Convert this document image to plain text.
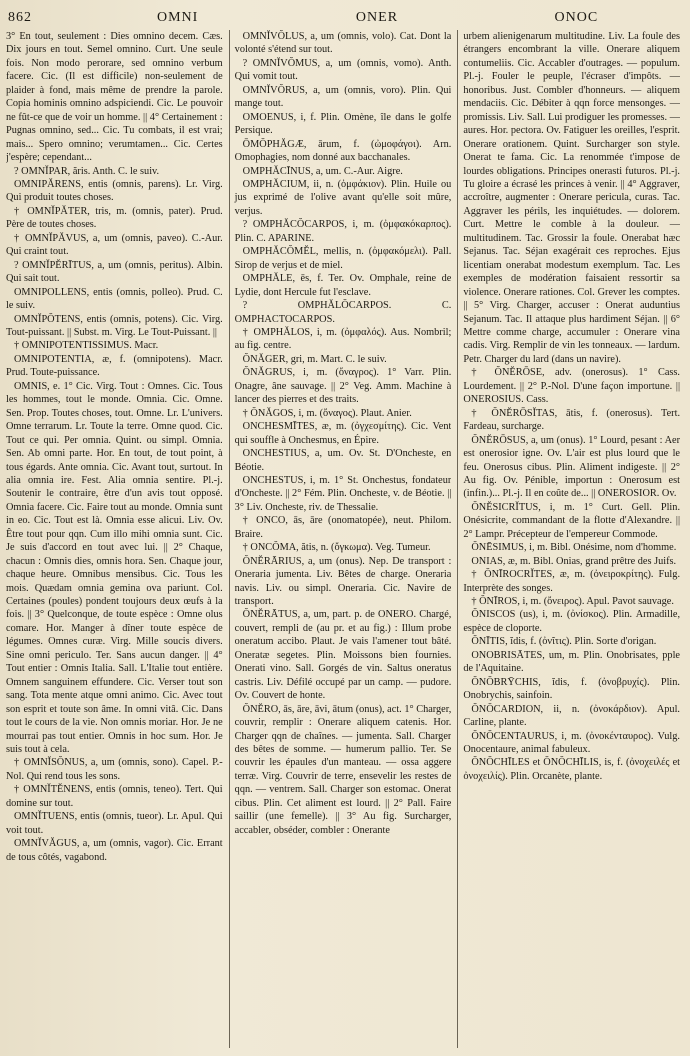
862	OMNI	ONER	ONOC

3° En tout, seulement : Dies omnino decem. Cæs. Dix jours en tout. Semel omnino. Curt. Une seule fois. Non modo perorare, sed omnino verbum facere. Cic. (Il est difficile) non-seulement de plaider à fond, mais même de prendre la parole. Copia hominis omnino adspiciendi. Cic. Le pouvoir ne fût-ce que de voir un homme. || 4° Certainement : Pugnas omnino, sed... Cic. Tu combats, il est vrai; mais... Spero omnino; verumtamen... Cic. Certes j'espère; cependant...

? OMNĬPAR, ăris. Anth. C. le suiv.

OMNIPĂRENS, entis (omnis, parens). Lr. Virg. Qui produit toutes choses.

† OMNĬPĂTER, tris, m. (omnis, pater). Prud. Père de toutes choses.

† OMNĬPĂVUS, a, um (omnis, paveo). C.-Aur. Qui craint tout.

? OMNĬPĔRĪTUS, a, um (omnis, peritus). Albin. Qui sait tout.

OMNIPOLLENS, entis (omnis, polleo). Prud. C. le suiv.

OMNĬPŎTENS, entis (omnis, potens). Cic. Virg. Tout-puissant. || Subst. m. Virg. Le Tout-Puissant. ||

† OMNIPOTENTISSIMUS. Macr.

OMNIPOTENTIA, æ, f. (omnipotens). Macr. Prud. Toute-puissance.

OMNIS, e. 1° Cic. Virg. Tout : Omnes. Cic. Tous les hommes, tout le monde. Omnia. Cic. Omne. Sen. Prop. Toutes choses, tout. Omne. Lr. L'univers. Omne terrarum. Lr. Toute la terre. Omne quod. Cic. Tout ce qui. Per omnia. Quint. ou simpl. Omnia. Sen. Ab omni parte. Hor. En tout, de tout point, à tous égards. Ante omnia. Cic. Avant tout, surtout. In alia omnia ire. Fest. Alia omnia sentire. Pl.-j. Soutenir le contraire, être d'un avis tout opposé. Omnia facere. Cic. Faire tout au monde. Omnia sunt in eo. Cic. Tout est là. Omnia esse alicui. Liv. Ov. Être tout pour qqn. Cum illo mihi omnia sunt. Cic. Je suis d'accord en tout avec lui. || 2° Chaque, chacun : Omnis dies, omnis hora. Sen. Chaque jour, chaque heure. Omnibus mensibus. Cic. Tous les mois. Quædam omnia gemina ova pariunt. Col. Certaines (poules) pondent toujours deux œufs à la fois. || 3° Quelconque, de toute espèce : Omne olus comare. Hor. Manger à dîner toute espèce de légumes. Omnes curæ. Virg. Mille soucis divers. Sine omni periculo. Ter. Sans aucun danger. || 4° Tout entier : Omnis Italia. Sall. L'Italie tout entière. Omnem sanguinem effundere. Cic. Verser tout son sang. Tota mente atque omni animo. Cic. Avec tout son esprit et toute son âme. In omni vitâ. Cic. Dans tout le cours de la vie. Non omnis moriar. Hor. Je ne mourrai pas tout entier. Omnis in hoc sum. Hor. Je suis tout à cela.

† OMNĬSŎNUS, a, um (omnis, sono). Capel. P.-Nol. Qui rend tous les sons.

† OMNĬTĔNENS, entis (omnis, teneo). Tert. Qui domine sur tout.

OMNĬTUENS, entis (omnis, tueor). Lr. Apul. Qui voit tout.

OMNĬVĂGUS, a, um (omnis, vagor). Cic. Errant de tous côtés, vagabond.

OMNĬVŎLUS, a, um (omnis, volo). Cat. Dont la volonté s'étend sur tout.

? OMNĬVŎMUS, a, um (omnis, vomo). Anth. Qui vomit tout.

OMNĬVŎRUS, a, um (omnis, voro). Plin. Qui mange tout.

OMOENUS, i, f. Plin. Omène, île dans le golfe Persique.

ŌMŎPHĂGÆ, ārum, f. (ὠμοφάγοι). Arn. Omophagies, nom donné aux bacchanales.

OMPHĂCĪNUS, a, um. C.-Aur. Aigre.

OMPHĂCIUM, ii, n. (ὀμφάκιον). Plin. Huile ou jus exprimé de l'olive avant qu'elle soit mûre, verjus.

? OMPHĂCŎCARPOS, i, m. (ὀμφακόκαρπος). Plin. C. APARINE.

OMPHĂCŎMĔL, mellis, n. (ὀμφακόμελι). Pall. Sirop de verjus et de miel.

OMPHĂLE, ēs, f. Ter. Ov. Omphale, reine de Lydie, dont Hercule fut l'esclave.

? OMPHĂLŎCARPOS. C. OMPHACTOCARPOS.

† OMPHĂLOS, i, m. (ὀμφαλός). Aus. Nombril; au fig. centre.

ŎNĂGER, gri, m. Mart. C. le suiv.

ŎNĂGRUS, i, m. (ὄναγρος). 1° Varr. Plin. Onagre, âne sauvage. || 2° Veg. Amm. Machine à lancer des pierres et des traits.

† ŎNĂGOS, i, m. (ὄναγος). Plaut. Anier.

ONCHESMĪTES, æ, m. (ὀγχεσμίτης). Cic. Vent qui souffle à Onchesmus, en Épire.

ONCHESTIUS, a, um. Ov. St. D'Oncheste, en Béotie.

ONCHESTUS, i, m. 1° St. Onchestus, fondateur d'Oncheste. || 2° Fém. Plin. Oncheste, v. de Béotie. || 3° Liv. Oncheste, riv. de Thessalie.

† ONCO, ās, āre (onomatopée), neut. Philom. Braire.

† ONCŎMA, ătis, n. (ὄγκωμα). Veg. Tumeur.

ŎNĔRĀRIUS, a, um (onus). Nep. De transport : Oneraria jumenta. Liv. Bêtes de charge. Oneraria navis. Liv. ou simpl. Oneraria. Cic. Navire de transport.

ŎNĔRĀTUS, a, um, part. p. de ONERO. Chargé, couvert, rempli de (au pr. et au fig.) : Illum probe oneratum accibo. Plaut. Je vais l'amener tout bâté. Oneratæ segetes. Plin. Moissons bien fournies. Onerati vino. Sall. Gorgés de vin. Saltus oneratus castris. Liv. Défilé occupé par un camp. — pudore. Ov. Couvert de honte.

ŎNĔRO, ās, āre, āvi, ātum (onus), act. 1° Charger, couvrir, remplir : Onerare aliquem catenis. Hor. Charger qqn de chaînes. — jumenta. Sall. Charger des bêtes de somme. — humerum pallio. Ter. Se couvrir les épaules d'un manteau. — ossa aggere terræ. Virg. Couvrir de terre, ensevelir les restes de qqn. — ventrem. Sall. Charger son estomac. Onerat cibus. Plin. Cet aliment est lourd. || 2° Pall. Faire saillir (une femelle). || 3° Au fig. Surcharger, accabler, obséder, combler : Onerante

urbem alienigenarum multitudine. Liv. La foule des étrangers encombrant la ville. Onerare aliquem contumeliis. Cic. Accabler d'outrages. — populum. Pl.-j. Fouler le peuple, l'écraser d'impôts. — honoribus. Just. Combler d'honneurs. — aliquem mendaciis. Cic. Débiter à qqn force mensonges. — promissis. Liv. Sall. Lui prodiguer les promesses. — aures. Hor. pectora. Ov. Fatiguer les oreilles, l'esprit. Onerare orationem. Quint. Surcharger son style. Onerat te fama. Cic. La renommée t'impose de lourdes obligations. Principes onerasti futuros. Pl.-j. Tu gloire a écrasé les princes à venir. || 4° Aggraver, accroître, augmenter : Onerare pericula, curas. Tac. Aggraver les périls, les inquiétudes. — dolorem. Curt. Mettre le comble à la douleur. — multitudinem. Tac. Grossir la foule. Onerabat hæc Sejanus. Tac. Séjan exagérait ces reproches. Ejus licentiam onerabat modestum exemplum. Tac. Les exemples de modération faisaient ressortir sa violence. Onerare rationes. Col. Grever les comptes. || 5° Virg. Charger, accuser : Onerat auduntius Sejanum. Tac. Il attaque plus hardiment Séjan. || 6° Mettre comme charge, accumuler : Onerare vina cadis. Virg. Remplir de vin les tonneaux. — lardum. Petr. Charger du lard (dans un navire).

† ŎNĔRŌSE, adv. (onerosus). 1° Cass. Lourdement. || 2° P.-Nol. D'une façon importune. || ONEROSIUS. Cass.

† ŎNĔRŌSĬTAS, ātis, f. (onerosus). Tert. Fardeau, surcharge.

ŎNĔRŌSUS, a, um (onus). 1° Lourd, pesant : Aer est onerosior igne. Ov. L'air est plus lourd que le feu. Onerosus cibus. Plin. Aliment indigeste. || 2° Au fig. Ov. Pénible, importun : Onerosum est (infin.)... Pl.-j. Il en coûte de... || ONEROSIOR. Ov.

ŎNĔSICRĬTUS, i, m. 1° Curt. Gell. Plin. Onésicrite, commandant de la flotte d'Alexandre. || 2° Lampr. Précepteur de l'empereur Commode.

ŎNĒSIMUS, i, m. Bibl. Onésime, nom d'homme.

ONIAS, æ, m. Bibl. Onias, grand prêtre des Juifs.

† ŎNĪROCRĬTES, æ, m. (ὀνειροκρίτης). Fulg. Interprète des songes.

† ŎNĪROS, i, m. (ὄνειρος). Apul. Pavot sauvage.

ŎNISCOS (us), i, m. (ὀνίσκος). Plin. Armadille, espèce de cloporte.

ŎNĪTIS, ĭdis, f. (ὀνῖτις). Plin. Sorte d'origan.

ONOBRISĀTES, um, m. Plin. Onobrisates, pple de l'Aquitaine.

ŎNŎBRȲCHIS, ĭdis, f. (ὀνοβρυχίς). Plin. Onobrychis, sainfoin.

ŎNŎCARDION, ii, n. (ὀνοκάρδιον). Apul. Carline, plante.

ŎNŎCENTAURUS, i, m. (ὀνοκένταυρος). Vulg. Onocentaure, animal fabuleux.

ŎNŎCHĪLES et ŎNŎCHĪLIS, is, f. (ὀνοχειλές et ὀνοχειλίς). Plin. Orcanète, plante.
